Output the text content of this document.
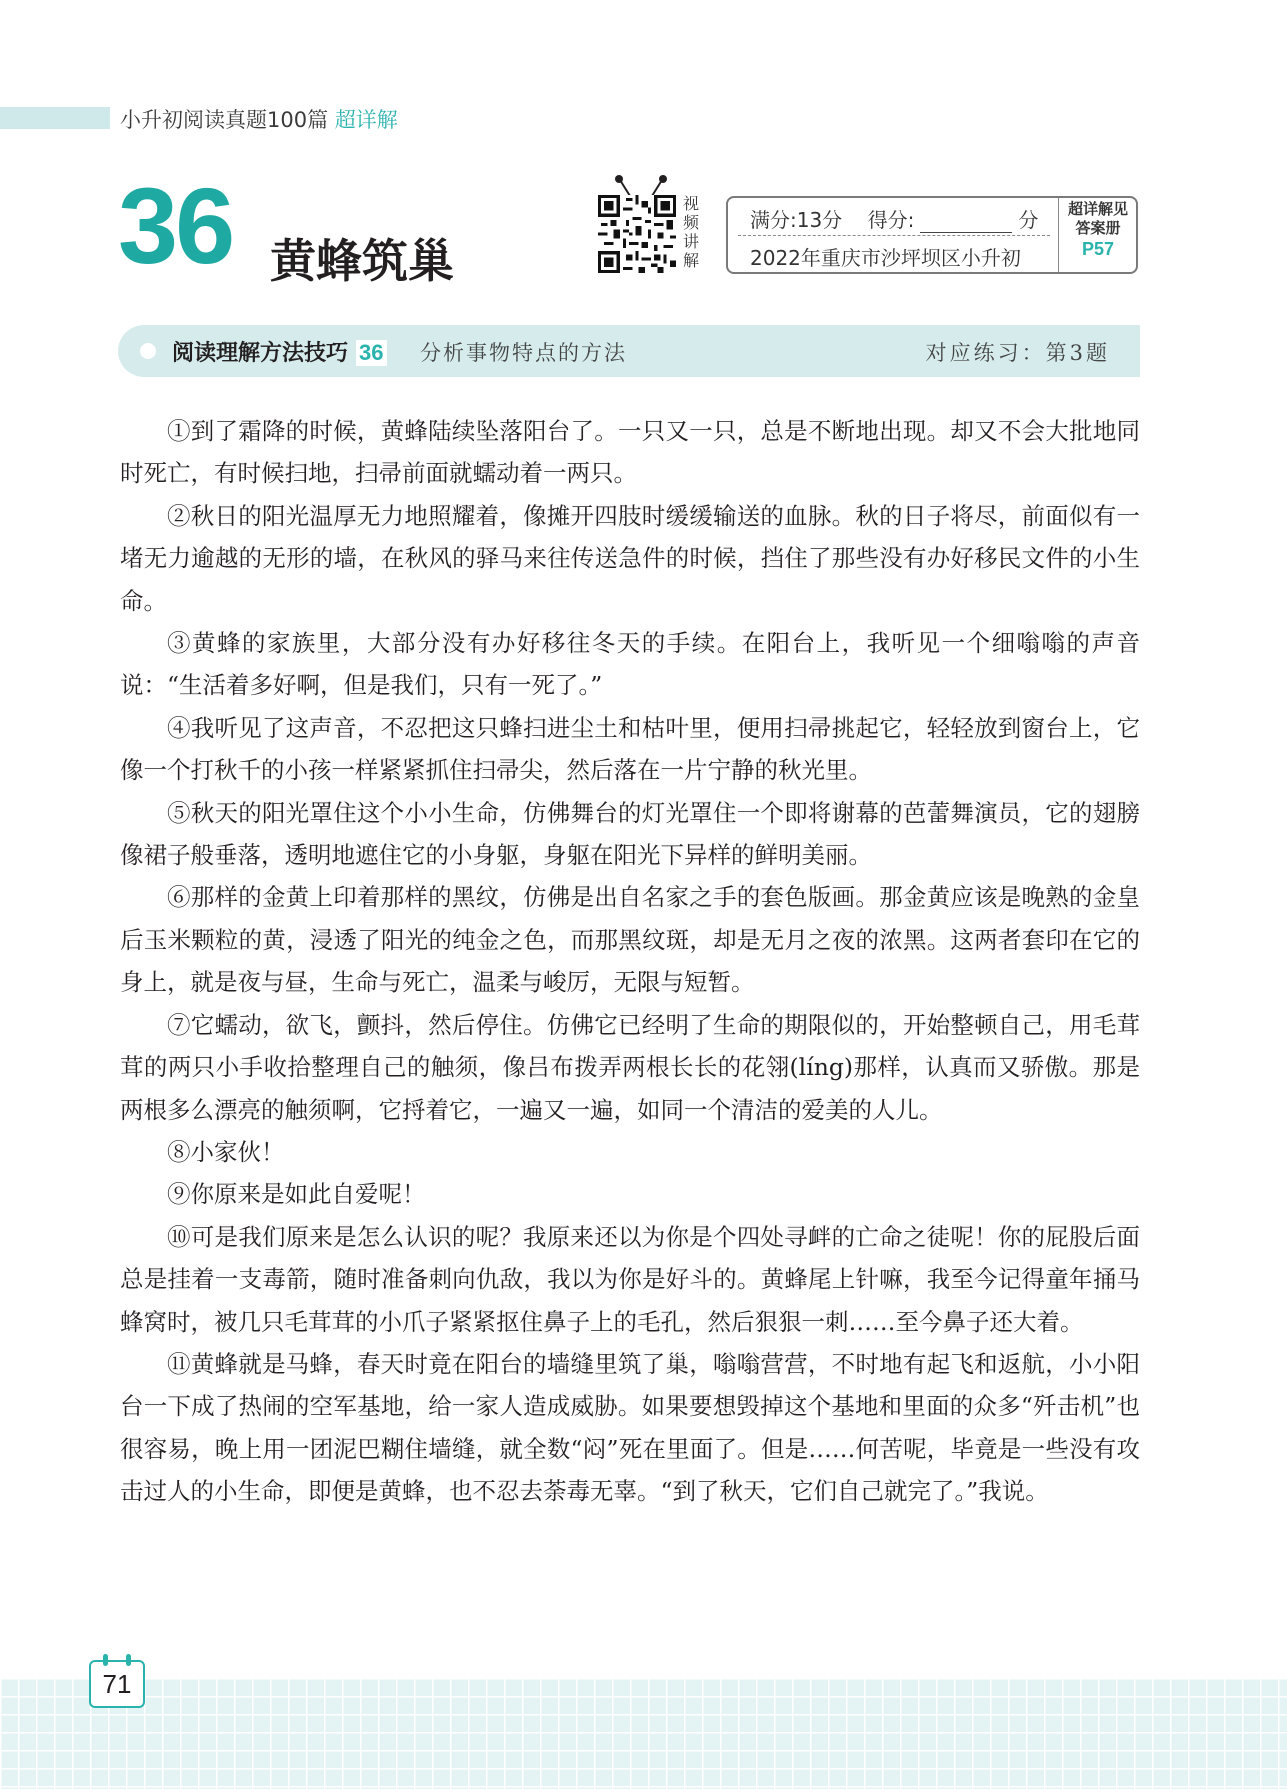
小升初阅读真题100篇 超详解
36 黄蜂筑巢
视
频
讲
解
满分:13分 得分:	分
2022年重庆市沙坪坝区小升初
超详解见
答案册
P57
阅读理解方法技巧 36 分析事物特点的方法	对应练习：第3题

①到了霜降的时候，黄蜂陆续坠落阳台了。一只又一只，总是不断地出现。却又不会大批地同时死亡，有时候扫地，扫帚前面就蠕动着一两只。

②秋日的阳光温厚无力地照耀着，像摊开四肢时缓缓输送的血脉。秋的日子将尽，前面似有一堵无力逾越的无形的墙，在秋风的驿马来往传送急件的时候，挡住了那些没有办好移民文件的小生命。

③黄蜂的家族里，大部分没有办好移往冬天的手续。在阳台上，我听见一个细嗡嗡的声音说：“生活着多好啊，但是我们，只有一死了。”

④我听见了这声音，不忍把这只蜂扫进尘土和枯叶里，便用扫帚挑起它，轻轻放到窗台上，它像一个打秋千的小孩一样紧紧抓住扫帚尖，然后落在一片宁静的秋光里。

⑤秋天的阳光罩住这个小小生命，仿佛舞台的灯光罩住一个即将谢幕的芭蕾舞演员，它的翅膀像裙子般垂落，透明地遮住它的小身躯，身躯在阳光下异样的鲜明美丽。

⑥那样的金黄上印着那样的黑纹，仿佛是出自名家之手的套色版画。那金黄应该是晚熟的金皇后玉米颗粒的黄，浸透了阳光的纯金之色，而那黑纹斑，却是无月之夜的浓黑。这两者套印在它的身上，就是夜与昼，生命与死亡，温柔与峻厉，无限与短暂。

⑦它蠕动，欲飞，颤抖，然后停住。仿佛它已经明了生命的期限似的，开始整顿自己，用毛茸茸的两只小手收拾整理自己的触须，像吕布拨弄两根长长的花翎(líng)那样，认真而又骄傲。那是两根多么漂亮的触须啊，它捋着它，一遍又一遍，如同一个清洁的爱美的人儿。

⑧小家伙！

⑨你原来是如此自爱呢！

⑩可是我们原来是怎么认识的呢？我原来还以为你是个四处寻衅的亡命之徒呢！你的屁股后面总是挂着一支毒箭，随时准备刺向仇敌，我以为你是好斗的。黄蜂尾上针嘛，我至今记得童年捅马蜂窝时，被几只毛茸茸的小爪子紧紧抠住鼻子上的毛孔，然后狠狠一刺……至今鼻子还大着。

⑪黄蜂就是马蜂，春天时竟在阳台的墙缝里筑了巢，嗡嗡营营，不时地有起飞和返航，小小阳台一下成了热闹的空军基地，给一家人造成威胁。如果要想毁掉这个基地和里面的众多“歼击机”也很容易，晚上用一团泥巴糊住墙缝，就全数“闷”死在里面了。但是……何苦呢，毕竟是一些没有攻击过人的小生命，即便是黄蜂，也不忍去荼毒无辜。“到了秋天，它们自己就完了。”我说。

71
